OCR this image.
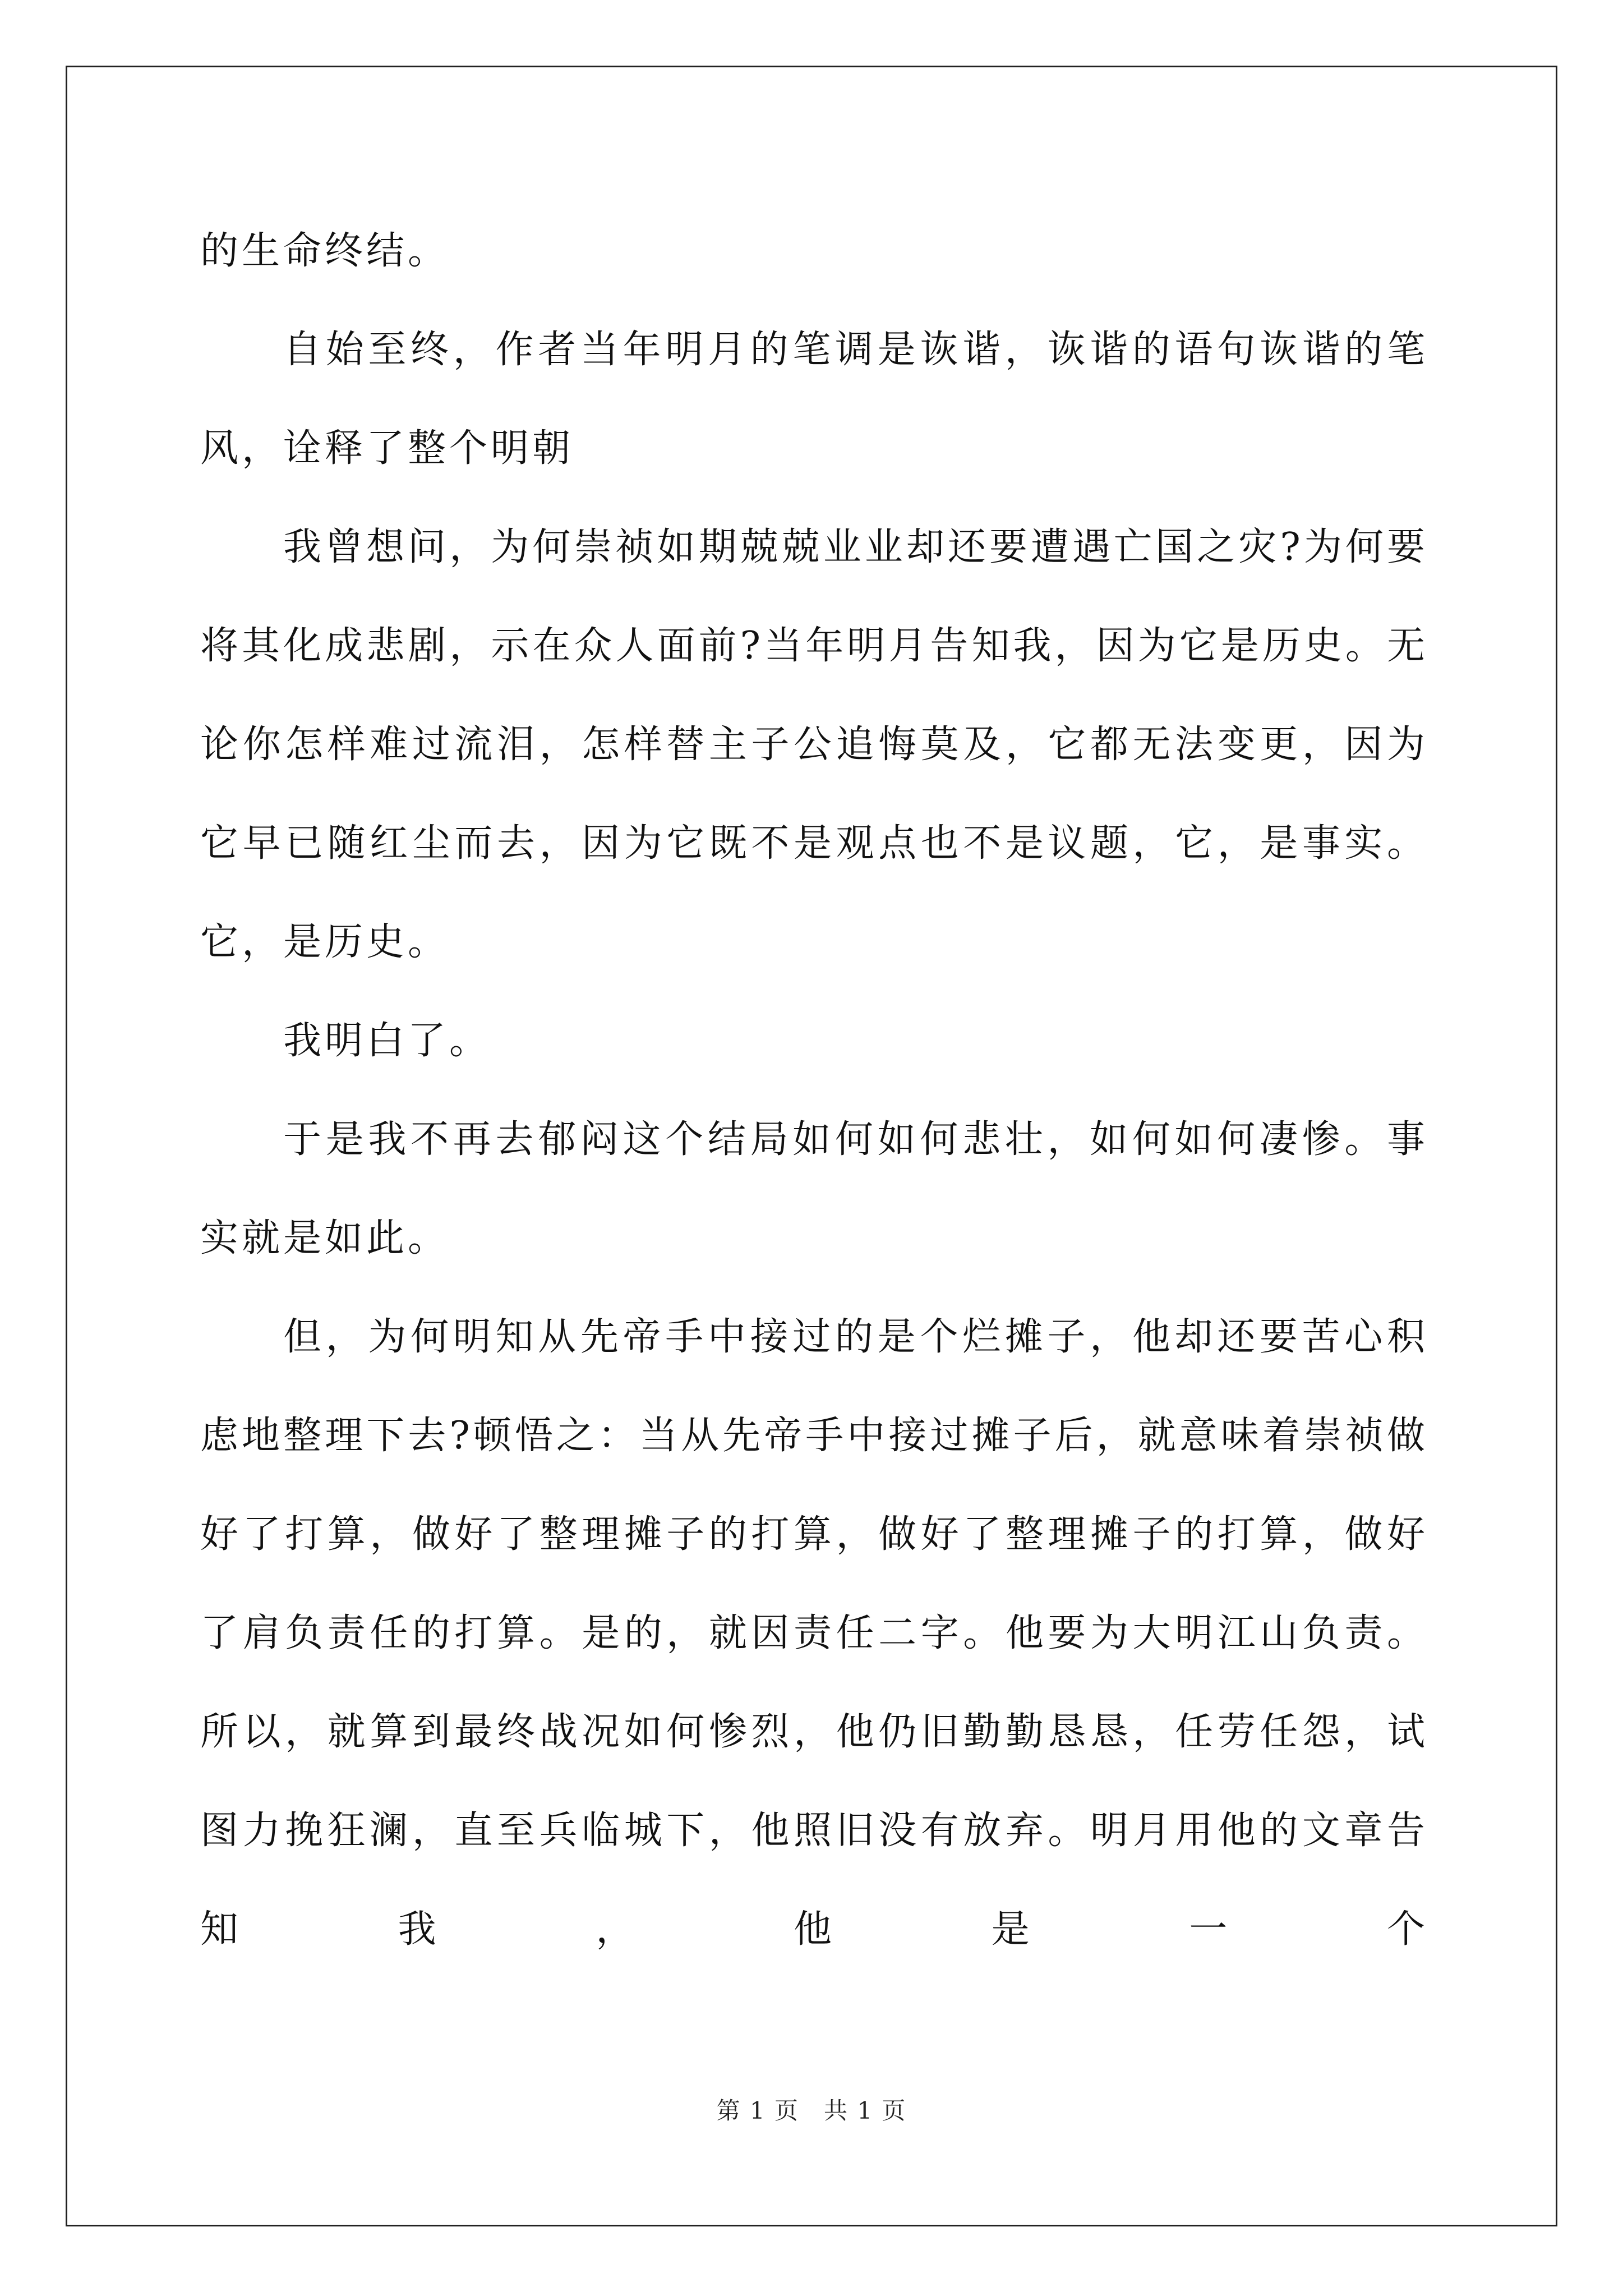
的生命终结。

自始至终，作者当年明月的笔调是诙谐，诙谐的语句诙谐的笔风，诠释了整个明朝

我曾想问，为何崇祯如期兢兢业业却还要遭遇亡国之灾?为何要将其化成悲剧，示在众人面前?当年明月告知我，因为它是历史。无论你怎样难过流泪，怎样替主子公追悔莫及，它都无法变更，因为它早已随红尘而去，因为它既不是观点也不是议题，它，是事实。它，是历史。

我明白了。

于是我不再去郁闷这个结局如何如何悲壮，如何如何凄惨。事实就是如此。

但，为何明知从先帝手中接过的是个烂摊子，他却还要苦心积虑地整理下去?顿悟之：当从先帝手中接过摊子后，就意味着崇祯做好了打算，做好了整理摊子的打算，做好了整理摊子的打算，做好了肩负责任的打算。是的，就因责任二字。他要为大明江山负责。所以，就算到最终战况如何惨烈，他仍旧勤勤恳恳，任劳任怨，试图力挽狂澜，直至兵临城下，他照旧没有放弃。明月用他的文章告知我，他是一个

第 1 页 共 1 页
